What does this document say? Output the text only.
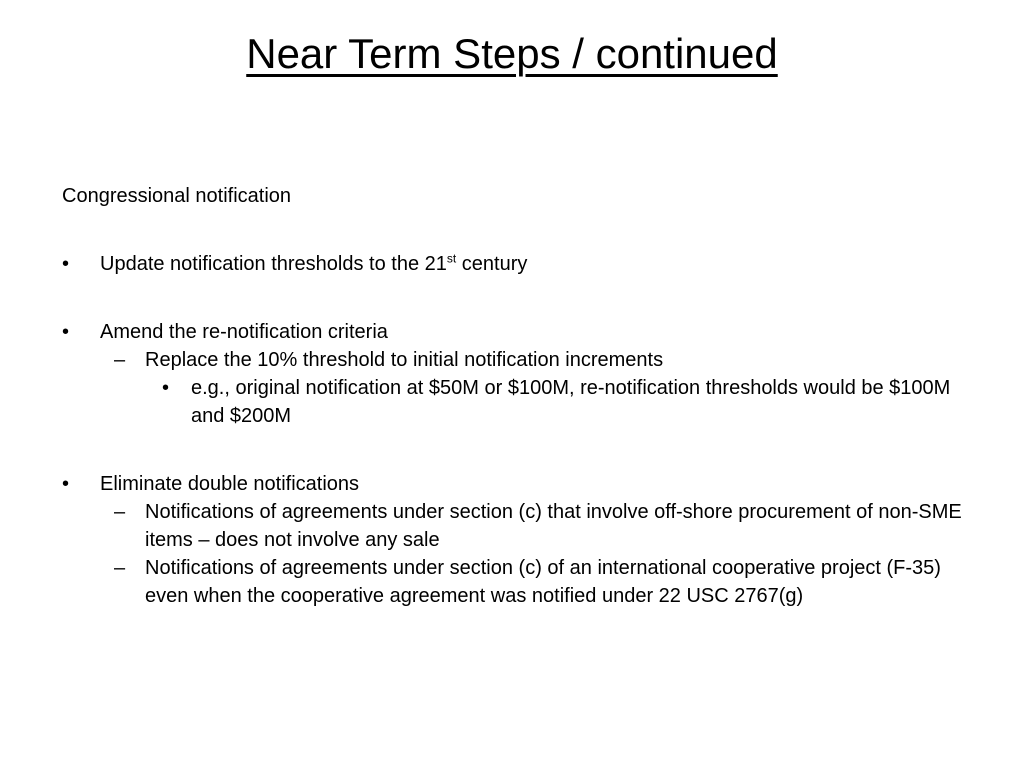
Near Term Steps / continued
Congressional notification
•	Update notification thresholds to the 21st century
•	Amend the re-notification criteria
– Replace the 10% threshold to initial notification increments
•	e.g., original notification at $50M or $100M, re-notification thresholds would be $100M and $200M
•	Eliminate double notifications
– Notifications of agreements under section (c) that involve off-shore procurement of non-SME items – does not involve any sale
– Notifications of agreements under section (c) of an international cooperative project (F-35) even when the cooperative agreement was notified under 22 USC 2767(g)
